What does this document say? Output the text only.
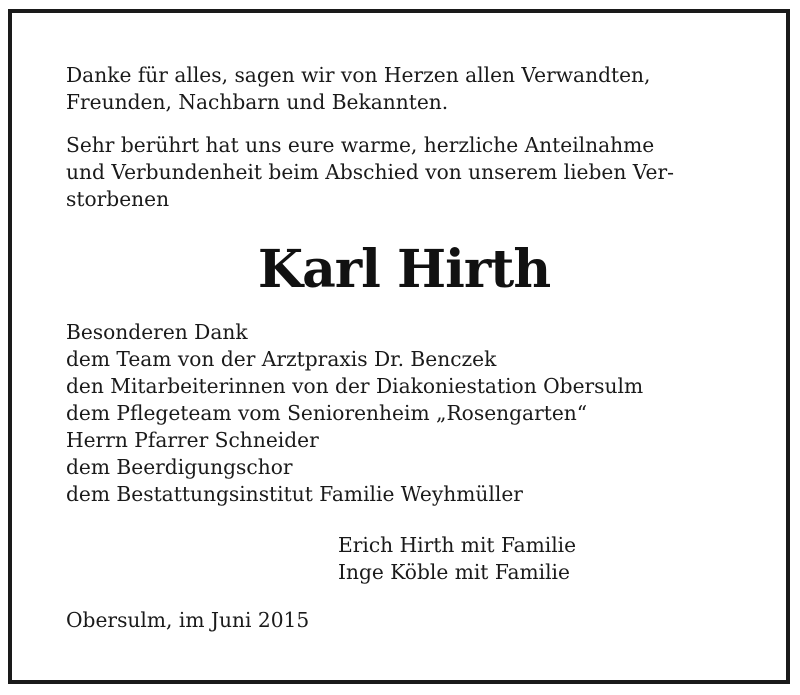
Danke für alles, sagen wir von Herzen allen Verwandten,
Freunden, Nachbarn und Bekannten.

Sehr berührt hat uns eure warme, herzliche Anteilnahme
und Verbundenheit beim Abschied von unserem lieben Ver-
storbenen

Karl Hirth
Besonderen Dank
dem Team von der Arztpraxis Dr. Benczek
den Mitarbeiterinnen von der Diakoniestation Obersulm
dem Pflegeteam vom Seniorenheim „Rosengarten“
Herrn Pfarrer Schneider
dem Beerdigungschor
dem Bestattungsinstitut Familie Weyhmüller
Erich Hirth mit Familie
Inge Köble mit Familie
Obersulm, im Juni 2015
